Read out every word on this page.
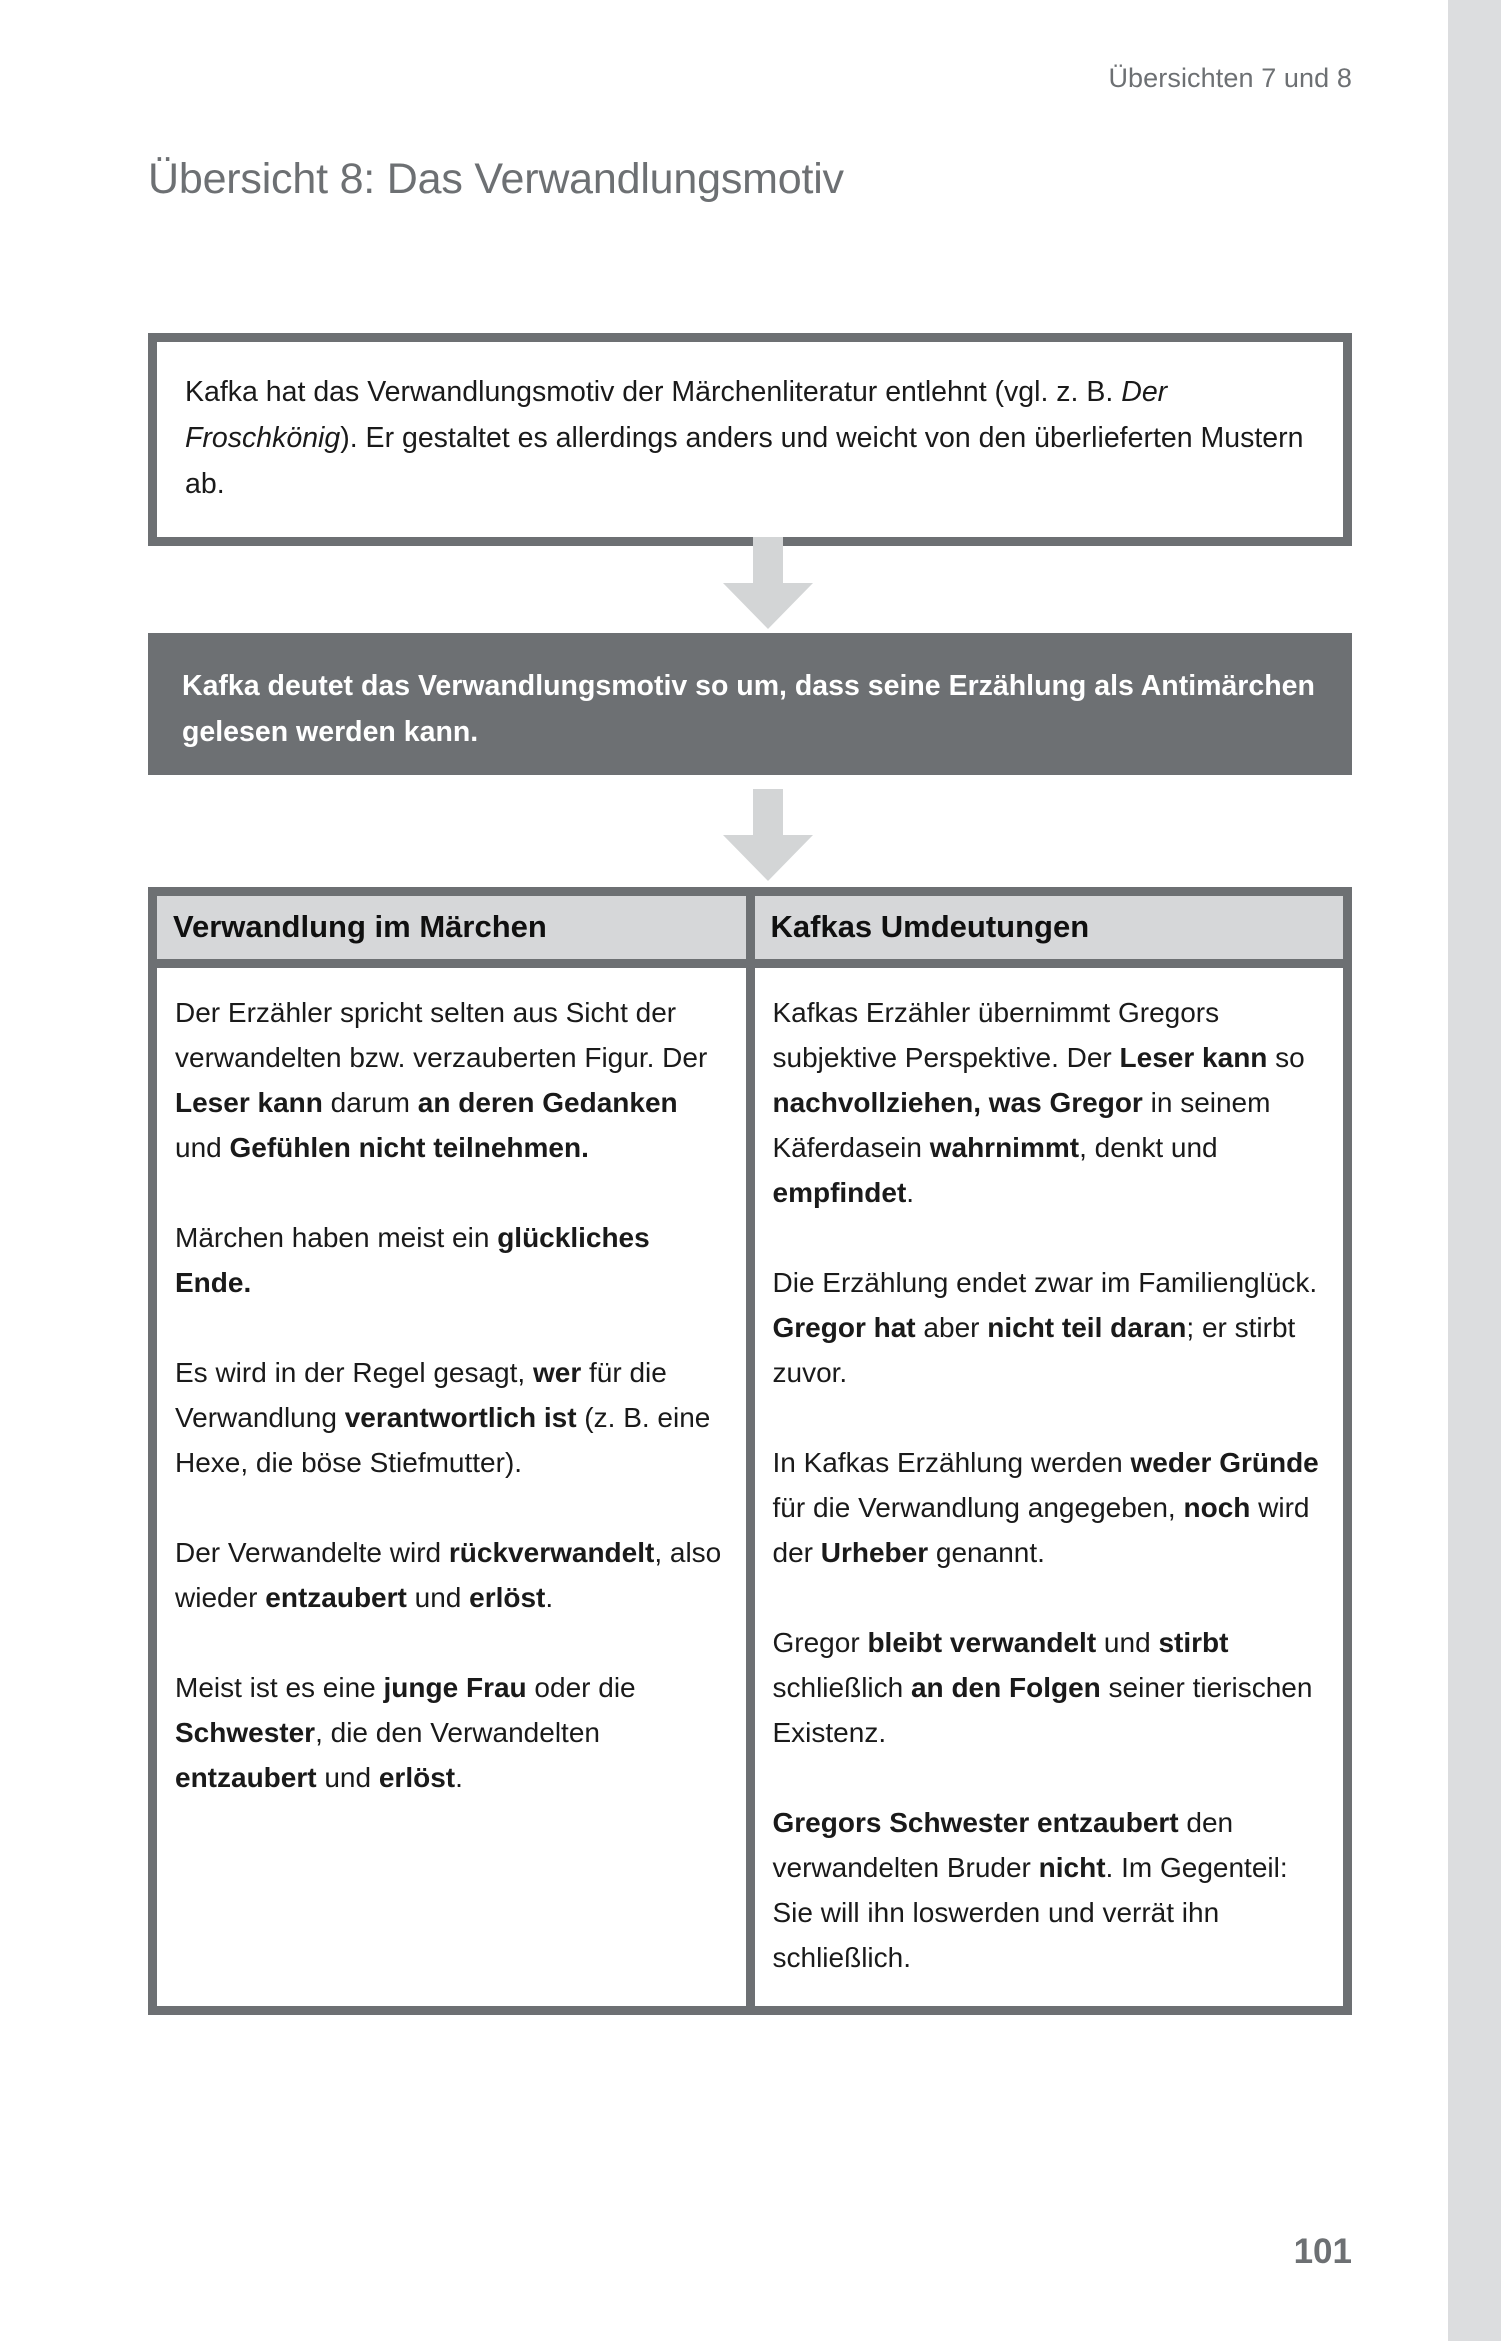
Übersichten 7 und 8
Übersicht 8: Das Verwandlungsmotiv

Kafka hat das Verwandlungsmotiv der Märchenliteratur entlehnt (vgl. z. B. Der Froschkönig). Er gestaltet es allerdings anders und weicht von den überlieferten Mustern ab.

Kafka deutet das Verwandlungsmotiv so um, dass seine Erzählung als Antimärchen gelesen werden kann.

Verwandlung im Märchen

Der Erzähler spricht selten aus Sicht der verwandelten bzw. verzauberten Figur. Der Leser kann darum an deren Gedanken und Gefühlen nicht teilnehmen.

Märchen haben meist ein glückliches Ende.

Es wird in der Regel gesagt, wer für die Verwandlung verantwortlich ist (z. B. eine Hexe, die böse Stiefmutter).

Der Verwandelte wird rückverwandelt, also wieder entzaubert und erlöst.

Meist ist es eine junge Frau oder die Schwester, die den Verwandelten entzaubert und erlöst.

Kafkas Umdeutungen

Kafkas Erzähler übernimmt Gregors subjektive Perspektive. Der Leser kann so nachvollziehen, was Gregor in seinem Käferdasein wahrnimmt, denkt und empfindet.

Die Erzählung endet zwar im Familienglück. Gregor hat aber nicht teil daran; er stirbt zuvor.

In Kafkas Erzählung werden weder Gründe für die Verwandlung angegeben, noch wird der Urheber genannt.

Gregor bleibt verwandelt und stirbt schließlich an den Folgen seiner tierischen Existenz.

Gregors Schwester entzaubert den verwandelten Bruder nicht. Im Gegenteil: Sie will ihn loswerden und verrät ihn schließlich.

101
